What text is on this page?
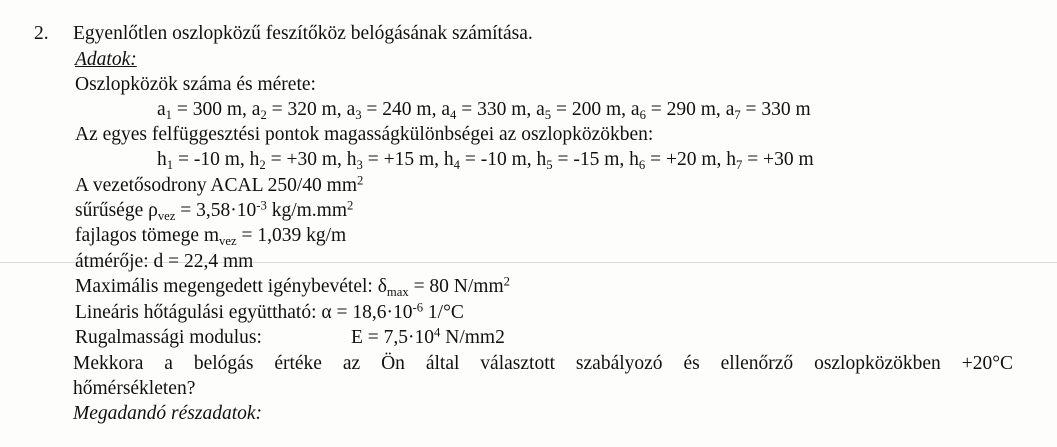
2. Egyenlőtlen oszlopközű feszítőköz belógásának számítása.
Adatok:
Oszlopközök száma és mérete:
$a_1 = 300$ m, $a_2 = 320$ m, $a_3 = 240$ m, $a_4 = 330$ m, $a_5 = 200$ m, $a_6 = 290$ m, $a_7 = 330$ m
Az egyes felfüggesztési pontok magasságkülönbségei az oszlopközökben:
$h_1 = -10$ m, $h_2 = +30$ m, $h_3 = +15$ m, $h_4 = -10$ m, $h_5 = -15$ m, $h_6 = +20$ m, $h_7 = +30$ m
A vezetősodrony ACAL 250/40 $mm^2$
sűrűsége $\rho_{vez} = 3,58\cdot 10^{-3}$ $kg/m.mm^2$
fajlagos tömege $m_{vez} = 1,039$ kg/m
átmérője: d = 22,4 mm
Maximális megengedett igénybevétel: $\delta_{max} = 80$ $N/mm^2$
Lineáris hőtágulási együttható: $\alpha = 18,6\cdot 10^{-6}$ 1/°C
Rugalmassági modulus:	$E = 7,5\cdot 10^4$ N/mm2
Mekkora a belógás értéke az Ön által választott szabályozó és ellenőrző oszlopközökben +20°C
hőmérsékleten?
Megadandó részadatok:
